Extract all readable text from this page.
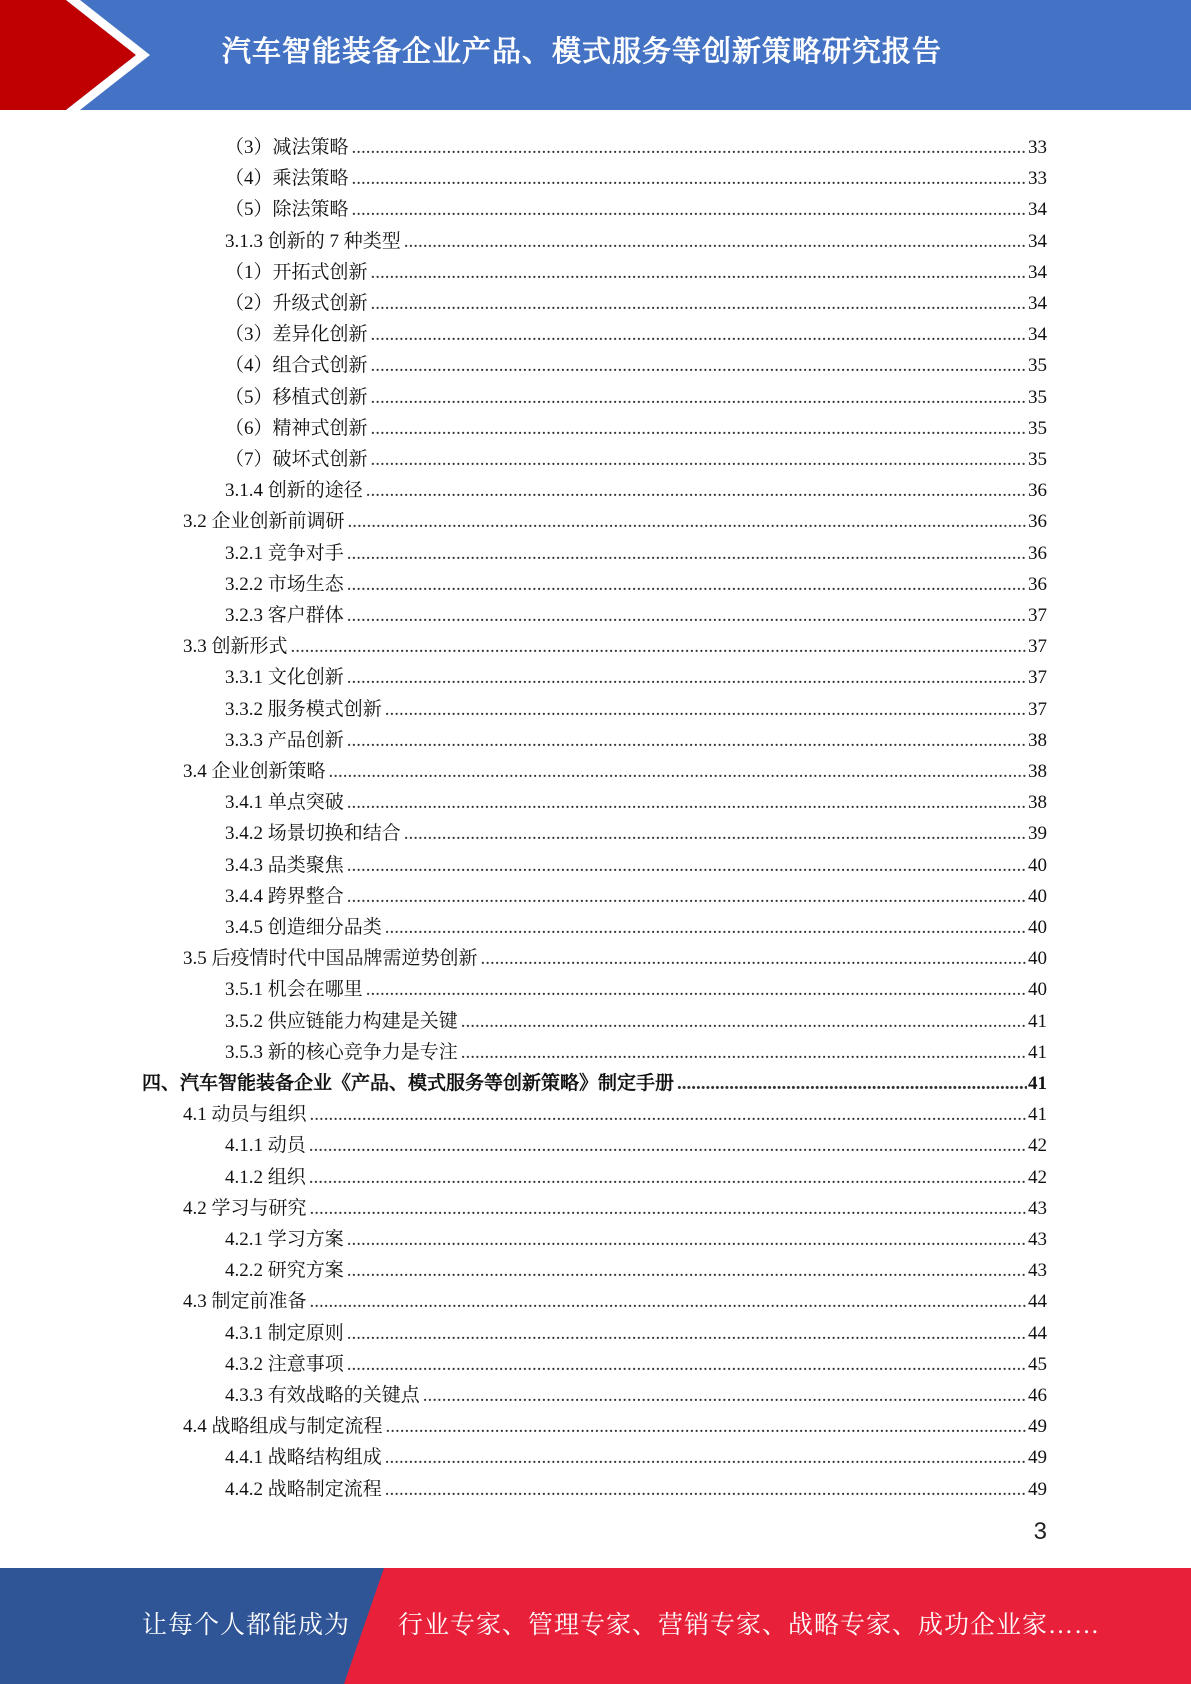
汽车智能装备企业产品、模式服务等创新策略研究报告
（3）减法策略 .....	33
（4）乘法策略 .....	33
（5）除法策略 .....	34
3.1.3 创新的 7 种类型 .....	34
（1）开拓式创新 .....	34
（2）升级式创新 .....	34
（3）差异化创新 .....	34
（4）组合式创新 .....	35
（5）移植式创新 .....	35
（6）精神式创新 .....	35
（7）破坏式创新 .....	35
3.1.4 创新的途径 .....	36
3.2 企业创新前调研 .....	36
3.2.1 竞争对手 .....	36
3.2.2 市场生态 .....	36
3.2.3 客户群体 .....	37
3.3 创新形式 .....	37
3.3.1 文化创新 .....	37
3.3.2 服务模式创新 .....	37
3.3.3 产品创新 .....	38
3.4 企业创新策略 .....	38
3.4.1 单点突破 .....	38
3.4.2 场景切换和结合 .....	39
3.4.3 品类聚焦 .....	40
3.4.4 跨界整合 .....	40
3.4.5 创造细分品类 .....	40
3.5 后疫情时代中国品牌需逆势创新 .....	40
3.5.1 机会在哪里 .....	40
3.5.2 供应链能力构建是关键 .....	41
3.5.3 新的核心竞争力是专注 .....	41
四、汽车智能装备企业《产品、模式服务等创新策略》制定手册 .....	41
4.1 动员与组织 .....	41
4.1.1 动员 .....	42
4.1.2 组织 .....	42
4.2 学习与研究 .....	43
4.2.1 学习方案 .....	43
4.2.2 研究方案 .....	43
4.3 制定前准备 .....	44
4.3.1 制定原则 .....	44
4.3.2 注意事项 .....	45
4.3.3 有效战略的关键点 .....	46
4.4 战略组成与制定流程 .....	49
4.4.1 战略结构组成 .....	49
4.4.2 战略制定流程 .....	49
3
让每个人都能成为 行业专家、管理专家、营销专家、战略专家、成功企业家……
